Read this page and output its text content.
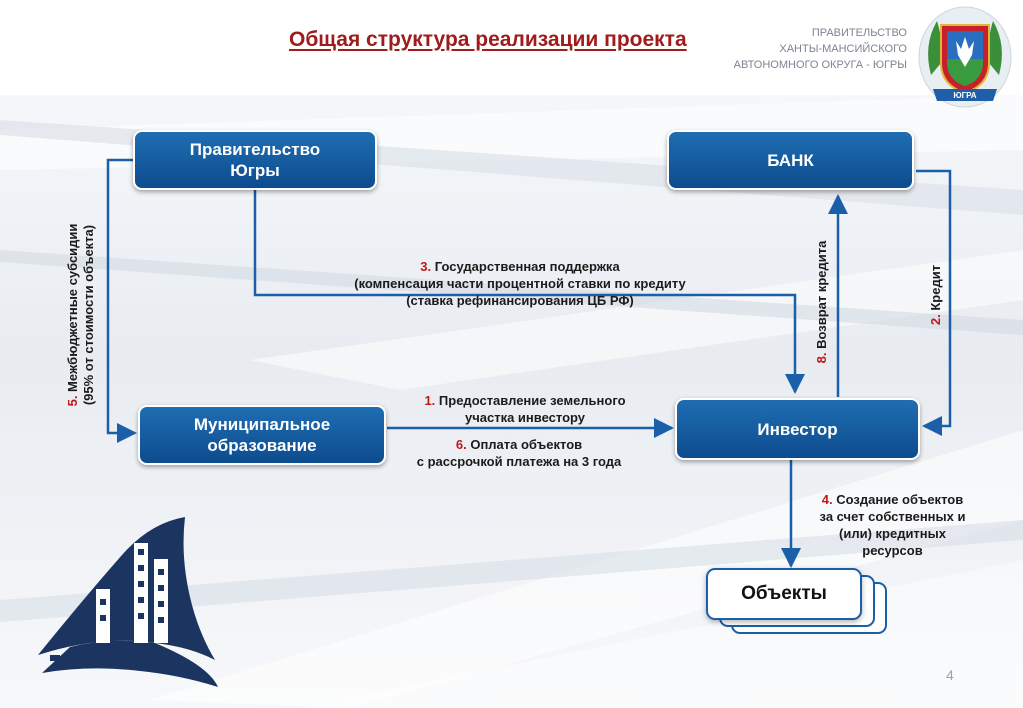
Общая структура реализации проекта	ПРАВИТЕЛЬСТВО
ХАНТЫ-МАНСИЙСКОГО
АВТОНОМНОГО ОКРУГА - ЮГРЫ
ЮГРА
Правительство
Югры
БАНК
Муниципальное
образование
Инвестор
Объекты
3. Государственная поддержка
(компенсация части процентной ставки по кредиту
(ставка рефинансирования ЦБ РФ)
1. Предоставление земельного
участка инвестору
6. Оплата объектов
с рассрочкой платежа на 3 года
4. Создание объектов
за счет собственных и
(или) кредитных
ресурсов
5. Межбюджетные субсидии (95% от стоимости объекта)	8. Возврат кредита	2. Кредит
4
